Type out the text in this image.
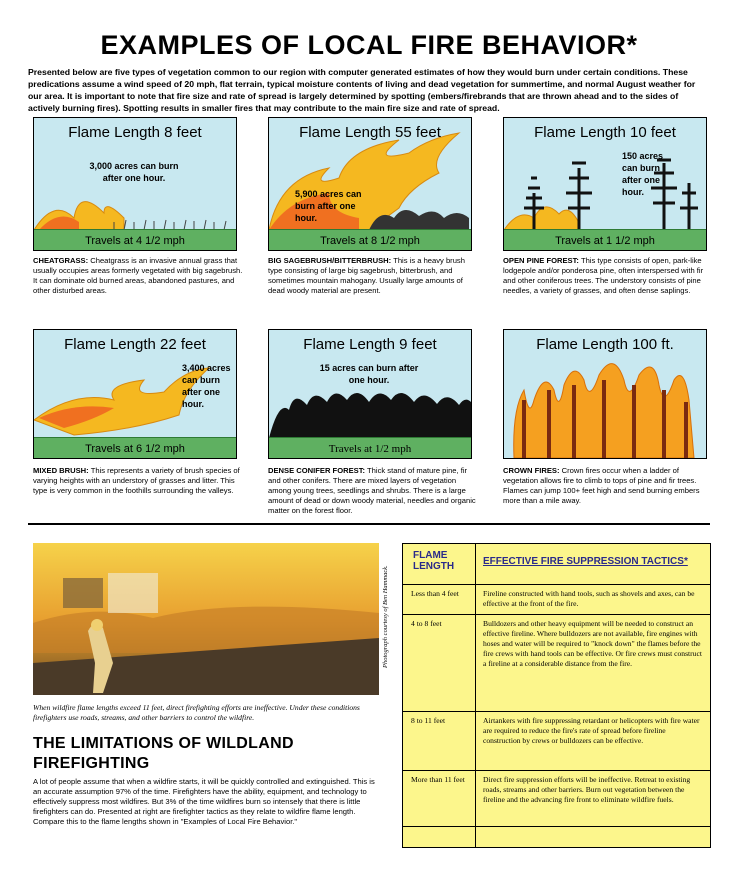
EXAMPLES OF LOCAL FIRE BEHAVIOR*
Presented below are five types of vegetation common to our region with computer generated estimates of how they would burn under certain conditions. These predications assume a wind speed of 20 mph, flat terrain, typical moisture contents of living and dead vegetation for summertime, and normal August weather for our area. It is important to note that fire size and rate of spread is largely determined by spotting (embers/firebrands that are thrown ahead and to the sides of actively burning fires). Spotting results in smaller fires that may contribute to the main fire size and rate of spread.
Flame Length 8 feet
3,000 acres can burn after one hour.
Travels at 4 1/2 mph
CHEATGRASS: Cheatgrass is an invasive annual grass that usually occupies areas formerly vegetated with big sagebrush. It can dominate old burned areas, abandoned pastures, and other disturbed areas.
Flame Length 55 feet
5,900 acres can burn after one hour.
Travels at 8 1/2 mph
BIG SAGEBRUSH/BITTERBRUSH: This is a heavy brush type consisting of large big sagebrush, bitterbrush, and sometimes mountain mahogany. Usually large amounts of dead woody material are present.
Flame Length 10 feet
150 acres can burn after one hour.
Travels at 1 1/2 mph
OPEN PINE FOREST: This type consists of open, park-like lodgepole and/or ponderosa pine, often interspersed with fir and other coniferous trees. The understory consists of pine needles, a variety of grasses, and often dense saplings.
Flame Length 22 feet
3,400 acres can burn after one hour.
Travels at 6 1/2 mph
MIXED BRUSH: This represents a variety of brush species of varying heights with an understory of grasses and litter. This type is very common in the foothills surrounding the valleys.
Flame Length 9 feet
15 acres can burn after one hour.
Travels at 1/2 mph
DENSE CONIFER FOREST: Thick stand of mature pine, fir and other conifers. There are mixed layers of vegetation among young trees, seedlings and shrubs. There is a large amount of dead or down woody material, needles and organic matter on the forest floor.
Flame Length 100 ft.
CROWN FIRES: Crown fires occur when a ladder of vegetation allows fire to climb to tops of pine and fir trees. Flames can jump 100+ feet high and send burning embers more than a mile away.
Photograph courtesy of Ben Hammack.
When wildfire flame lengths exceed 11 feet, direct firefighting efforts are ineffective. Under these conditions firefighters use roads, streams, and other barriers to control the wildfire.
THE LIMITATIONS OF WILDLAND FIREFIGHTING
A lot of people assume that when a wildfire starts, it will be quickly controlled and extinguished. This is an accurate assumption 97% of the time. Firefighters have the ability, equipment, and technology to effectively suppress most wildfires. But 3% of the time wildfires burn so intensely that there is little firefighters can do. Presented at right are firefighter tactics as they relate to wildfire flame length. Compare this to the flame lengths shown in "Examples of Local Fire Behavior."
FLAME LENGTH	EFFECTIVE FIRE SUPPRESSION TACTICS*
Less than 4 feet	Fireline constructed with hand tools, such as shovels and axes, can be effective at the front of the fire.
4 to 8 feet	Bulldozers and other heavy equipment will be needed to construct an effective fireline. Where bulldozers are not available, fire engines with hoses and water will be required to "knock down" the flames before the fire crews with hand tools can be effective. Or fire crews must construct a fireline at a considerable distance from the fire.
8 to 11 feet	Airtankers with fire suppressing retardant or helicopters with fire water are required to reduce the fire's rate of spread before fireline construction by crews or bulldozers can be effective.
More than 11 feet	Direct fire suppression efforts will be ineffective. Retreat to existing roads, streams and other barriers. Burn out vegetation between the fireline and the advancing fire front to eliminate wildfire fuels.
